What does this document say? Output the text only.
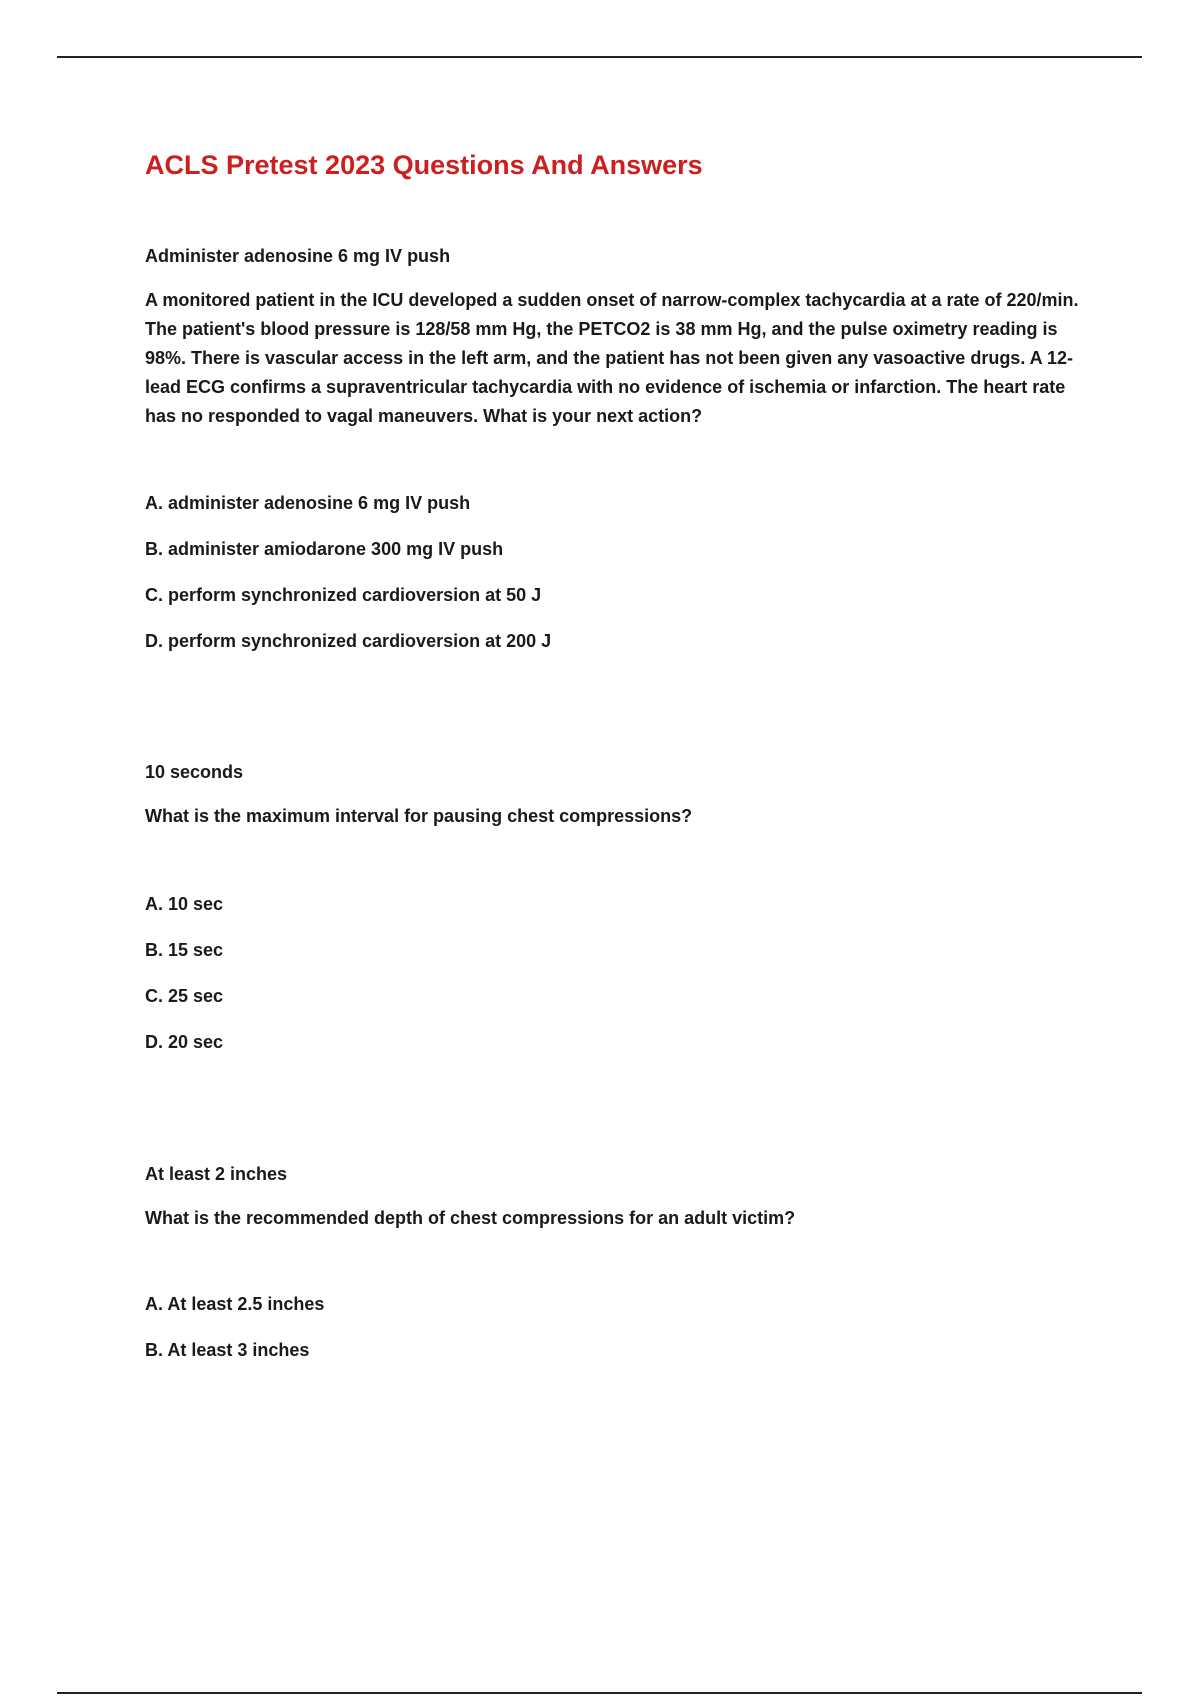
ACLS Pretest 2023 Questions And Answers

Administer adenosine 6 mg IV push

A monitored patient in the ICU developed a sudden onset of narrow-complex tachycardia at a rate of 220/min. The patient's blood pressure is 128/58 mm Hg, the PETCO2 is 38 mm Hg, and the pulse oximetry reading is 98%. There is vascular access in the left arm, and the patient has not been given any vasoactive drugs. A 12-lead ECG confirms a supraventricular tachycardia with no evidence of ischemia or infarction. The heart rate has no responded to vagal maneuvers. What is your next action?

A. administer adenosine 6 mg IV push
B. administer amiodarone 300 mg IV push
C. perform synchronized cardioversion at 50 J
D. perform synchronized cardioversion at 200 J

10 seconds

What is the maximum interval for pausing chest compressions?

A. 10 sec
B. 15 sec
C. 25 sec
D. 20 sec

At least 2 inches

What is the recommended depth of chest compressions for an adult victim?

A. At least 2.5 inches
B. At least 3 inches
